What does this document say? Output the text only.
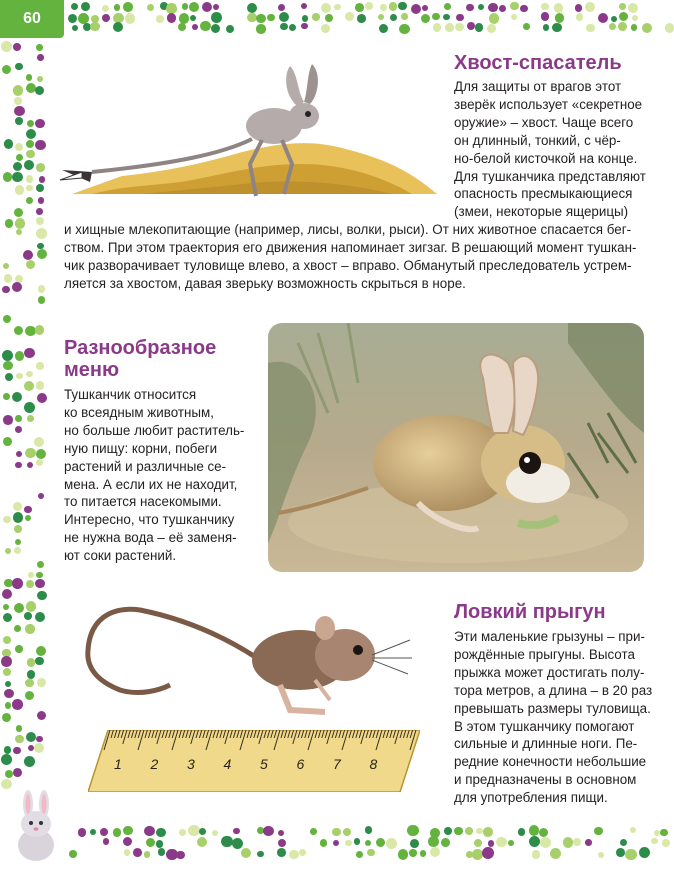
60
Хвост-спасатель
Для защиты от врагов этот
зверёк использует «секретное
оружие» – хвост. Чаще всего
он длинный, тонкий, с чёр-
но-белой кисточкой на конце.
Для тушканчика представляют
опасность пресмыкающиеся
(змеи, некоторые ящерицы)
и хищные млекопитающие (например, лисы, волки, рыси). От них животное спасается бег-
ством. При этом траектория его движения напоминает зигзаг. В решающий момент тушкан-
чик разворачивает туловище влево, а хвост – вправо. Обманутый преследователь устрем-
ляется за хвостом, давая зверьку возможность скрыться в норе.
Разнообразное
меню
Тушканчик относится
ко всеядным животным,
но больше любит раститель-
ную пищу: корни, побеги
растений и различные се-
мена. А если их не находит,
то питается насекомыми.
Интересно, что тушканчику
не нужна вода – её заменя-
ют соки растений.
1 2 3 4 5 6 7 8
Ловкий прыгун
Эти маленькие грызуны – при-
рождённые прыгуны. Высота
прыжка может достигать полу-
тора метров, а длина – в 20 раз
превышать размеры туловища.
В этом тушканчику помогают
сильные и длинные ноги. Пе-
редние конечности небольшие
и предназначены в основном
для употребления пищи.
